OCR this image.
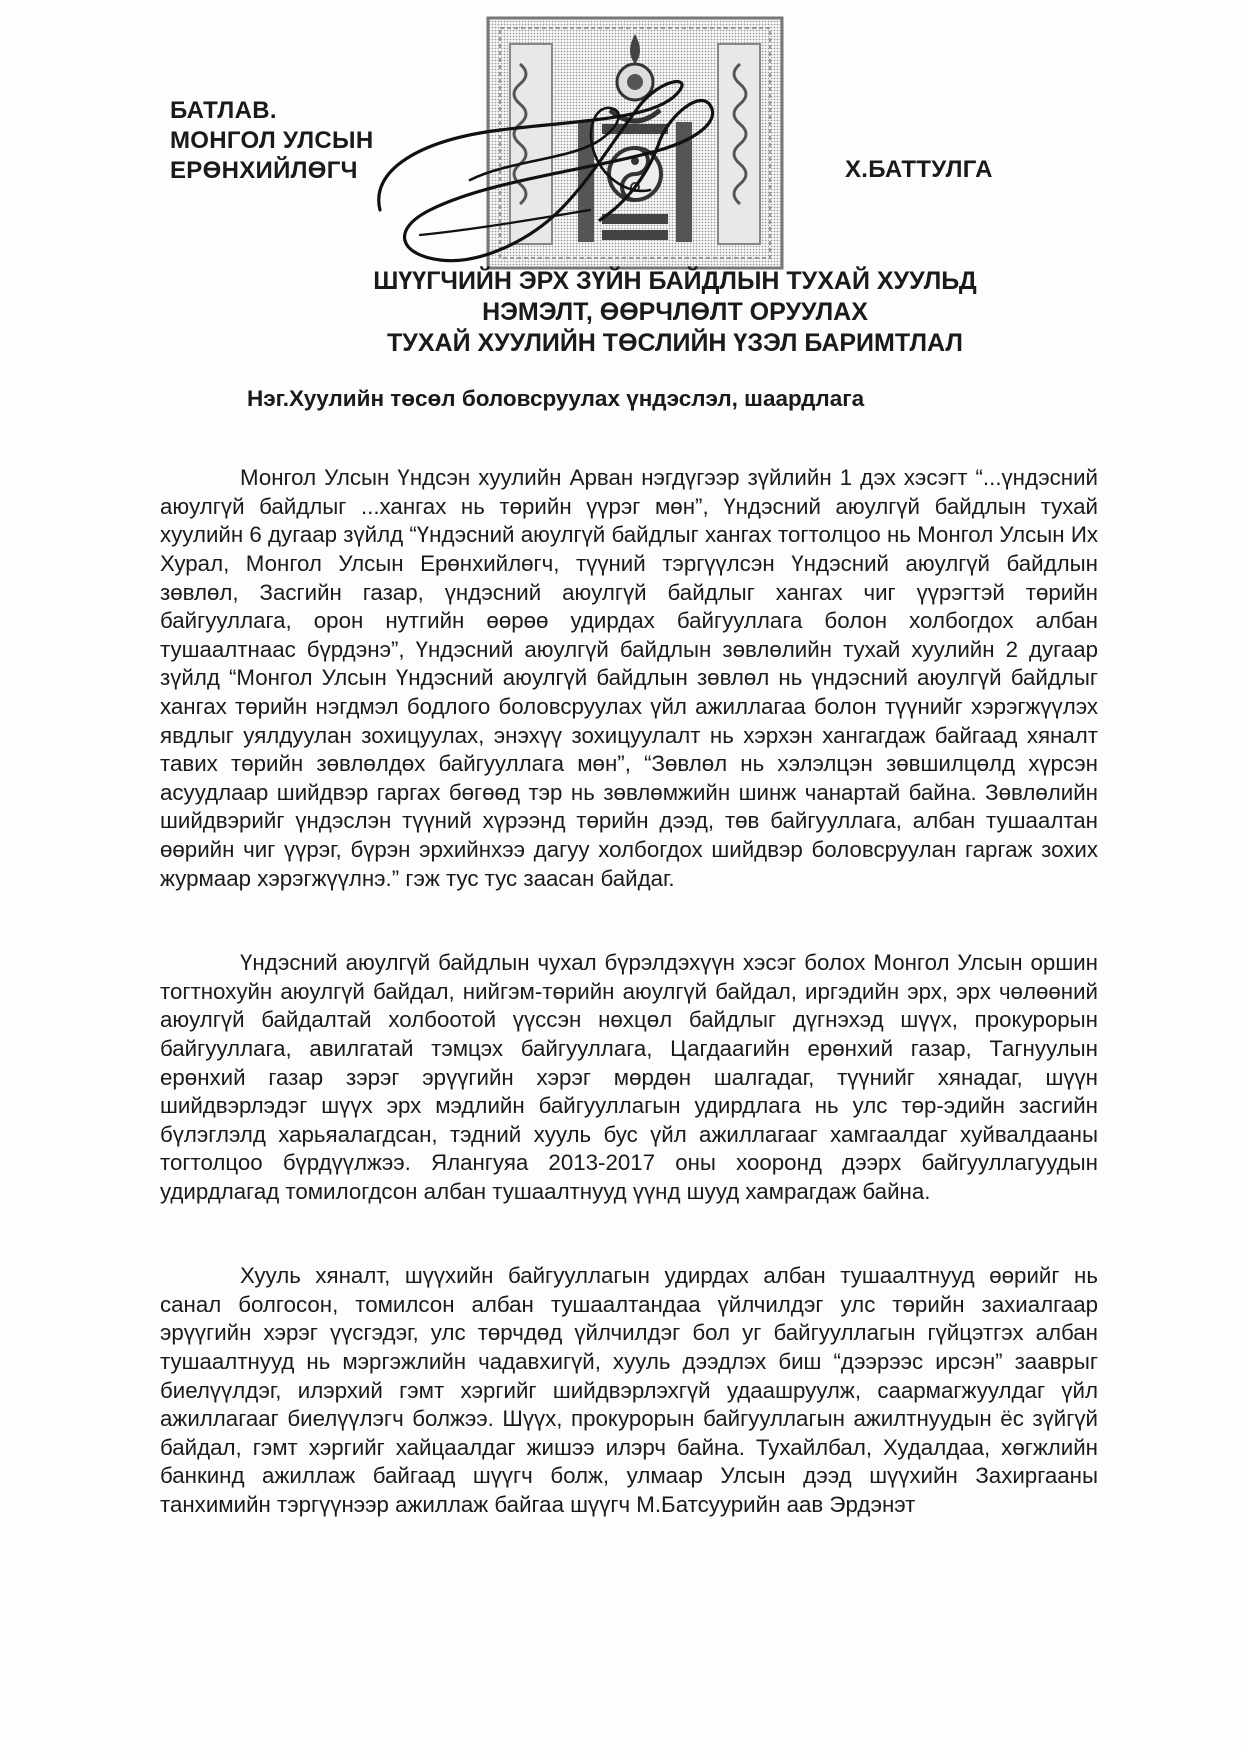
БАТЛАВ.
МОНГОЛ УЛСЫН
ЕРӨНХИЙЛӨГЧ	Х.БАТТУЛГА
ШҮҮГЧИЙН ЭРХ ЗҮЙН БАЙДЛЫН ТУХАЙ ХУУЛЬД
НЭМЭЛТ, ӨӨРЧЛӨЛТ ОРУУЛАХ
ТУХАЙ ХУУЛИЙН ТӨСЛИЙН ҮЗЭЛ БАРИМТЛАЛ
Нэг.Хуулийн төсөл боловсруулах үндэслэл, шаардлага

Монгол Улсын Үндсэн хуулийн Арван нэгдүгээр зүйлийн 1 дэх хэсэгт “...үндэсний аюулгүй байдлыг ...хангах нь төрийн үүрэг мөн”, Үндэсний аюулгүй байдлын тухай хуулийн 6 дугаар зүйлд “Үндэсний аюулгүй байдлыг хангах тогтолцоо нь Монгол Улсын Их Хурал, Монгол Улсын Ерөнхийлөгч, түүний тэргүүлсэн Үндэсний аюулгүй байдлын зөвлөл, Засгийн газар, үндэсний аюулгүй байдлыг хангах чиг үүрэгтэй төрийн байгууллага, орон нутгийн өөрөө удирдах байгууллага болон холбогдох албан тушаалтнаас бүрдэнэ”, Үндэсний аюулгүй байдлын зөвлөлийн тухай хуулийн 2 дугаар зүйлд “Монгол Улсын Үндэсний аюулгүй байдлын зөвлөл нь үндэсний аюулгүй байдлыг хангах төрийн нэгдмэл бодлого боловсруулах үйл ажиллагаа болон түүнийг хэрэгжүүлэх явдлыг уялдуулан зохицуулах, энэхүү зохицуулалт нь хэрхэн хангагдаж байгаад хяналт тавих төрийн зөвлөлдөх байгууллага мөн”, “Зөвлөл нь хэлэлцэн зөвшилцөлд хүрсэн асуудлаар шийдвэр гаргах бөгөөд тэр нь зөвлөмжийн шинж чанартай байна. Зөвлөлийн шийдвэрийг үндэслэн түүний хүрээнд төрийн дээд, төв байгууллага, албан тушаалтан өөрийн чиг үүрэг, бүрэн эрхийнхээ дагуу холбогдох шийдвэр боловсруулан гаргаж зохих журмаар хэрэгжүүлнэ.” гэж тус тус заасан байдаг.

Үндэсний аюулгүй байдлын чухал бүрэлдэхүүн хэсэг болох Монгол Улсын оршин тогтнохуйн аюулгүй байдал, нийгэм-төрийн аюулгүй байдал, иргэдийн эрх, эрх чөлөөний аюулгүй байдалтай холбоотой үүссэн нөхцөл байдлыг дүгнэхэд шүүх, прокурорын байгууллага, авилгатай тэмцэх байгууллага, Цагдаагийн ерөнхий газар, Тагнуулын ерөнхий газар зэрэг эрүүгийн хэрэг мөрдөн шалгадаг, түүнийг хянадаг, шүүн шийдвэрлэдэг шүүх эрх мэдлийн байгууллагын удирдлага нь улс төр-эдийн засгийн бүлэглэлд харьяалагдсан, тэдний хууль бус үйл ажиллагааг хамгаалдаг хуйвалдааны тогтолцоо бүрдүүлжээ. Ялангуяа 2013-2017 оны хооронд дээрх байгууллагуудын удирдлагад томилогдсон албан тушаалтнууд үүнд шууд хамрагдаж байна.

Хууль хяналт, шүүхийн байгууллагын удирдах албан тушаалтнууд өөрийг нь санал болгосон, томилсон албан тушаалтандаа үйлчилдэг улс төрийн захиалгаар эрүүгийн хэрэг үүсгэдэг, улс төрчдөд үйлчилдэг бол уг байгууллагын гүйцэтгэх албан тушаалтнууд нь мэргэжлийн чадавхигүй, хууль дээдлэх биш “дээрээс ирсэн” зааврыг биелүүлдэг, илэрхий гэмт хэргийг шийдвэрлэхгүй удаашруулж, саармагжуулдаг үйл ажиллагааг биелүүлэгч болжээ. Шүүх, прокурорын байгууллагын ажилтнуудын ёс зүйгүй байдал, гэмт хэргийг хайцаалдаг жишээ илэрч байна. Тухайлбал, Худалдаа, хөгжлийн банкинд ажиллаж байгаад шүүгч болж, улмаар Улсын дээд шүүхийн Захиргааны танхимийн тэргүүнээр ажиллаж байгаа шүүгч М.Батсуурийн аав Эрдэнэт
